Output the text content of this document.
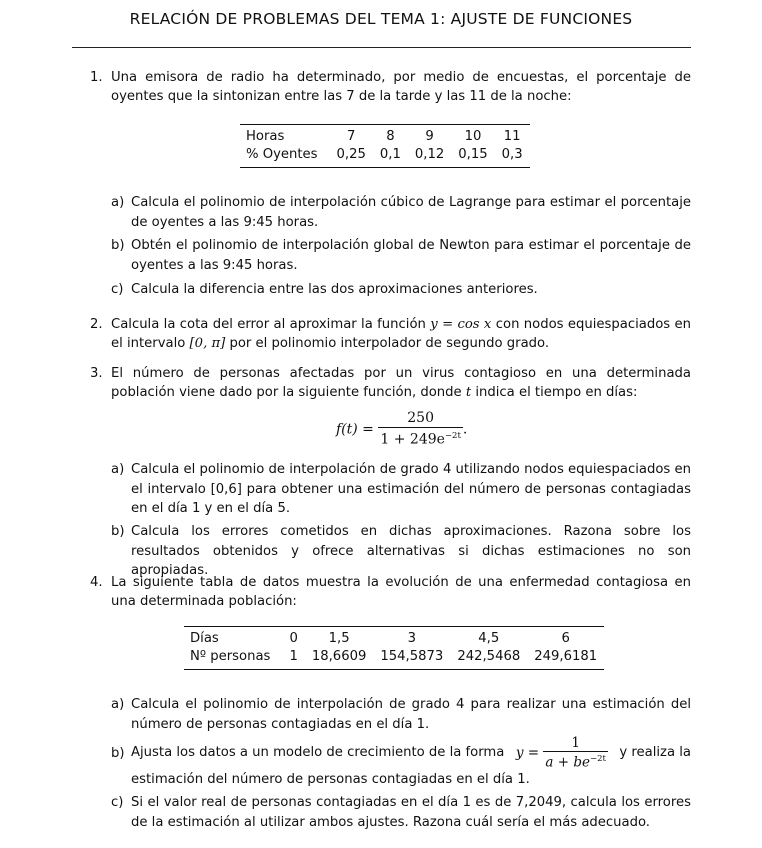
RELACIÓN DE PROBLEMAS DEL TEMA 1: AJUSTE DE FUNCIONES
1. Una emisora de radio ha determinado, por medio de encuestas, el porcentaje de oyentes que la sintonizan entre las 7 de la tarde y las 11 de la noche:
Horas	7	8	9	10	11
% Oyentes	0,25	0,1	0,12	0,15	0,3
a) Calcula el polinomio de interpolación cúbico de Lagrange para estimar el porcentaje de oyentes a las 9:45 horas.
b) Obtén el polinomio de interpolación global de Newton para estimar el porcentaje de oyentes a las 9:45 horas.
c) Calcula la diferencia entre las dos aproximaciones anteriores.
2. Calcula la cota del error al aproximar la función y = cos x con nodos equiespaciados en el intervalo [0, π] por el polinomio interpolador de segundo grado.
3. El número de personas afectadas por un virus contagioso en una determinada población viene dado por la siguiente función, donde t indica el tiempo en días:
$f(t) = \frac{250}{1 + 249e^{-2t}}$ .
a) Calcula el polinomio de interpolación de grado 4 utilizando nodos equiespaciados en el intervalo [0,6] para obtener una estimación del número de personas contagiadas en el día 1 y en el día 5.
b) Calcula los errores cometidos en dichas aproximaciones. Razona sobre los resultados obtenidos y ofrece alternativas si dichas estimaciones no son apropiadas.
4. La siguiente tabla de datos muestra la evolución de una enfermedad contagiosa en una determinada población:
Días	0	1,5	3	4,5	6
Nº personas	1	18,6609	154,5873	242,5468	249,6181
a) Calcula el polinomio de interpolación de grado 4 para realizar una estimación del número de personas contagiadas en el día 1.
b) Ajusta los datos a un modelo de crecimiento de la forma $y = \frac{1}{a + be^{-2t}}$ y realiza la
estimación del número de personas contagiadas en el día 1.
c) Si el valor real de personas contagiadas en el día 1 es de 7,2049, calcula los errores de la estimación al utilizar ambos ajustes. Razona cuál sería el más adecuado.
